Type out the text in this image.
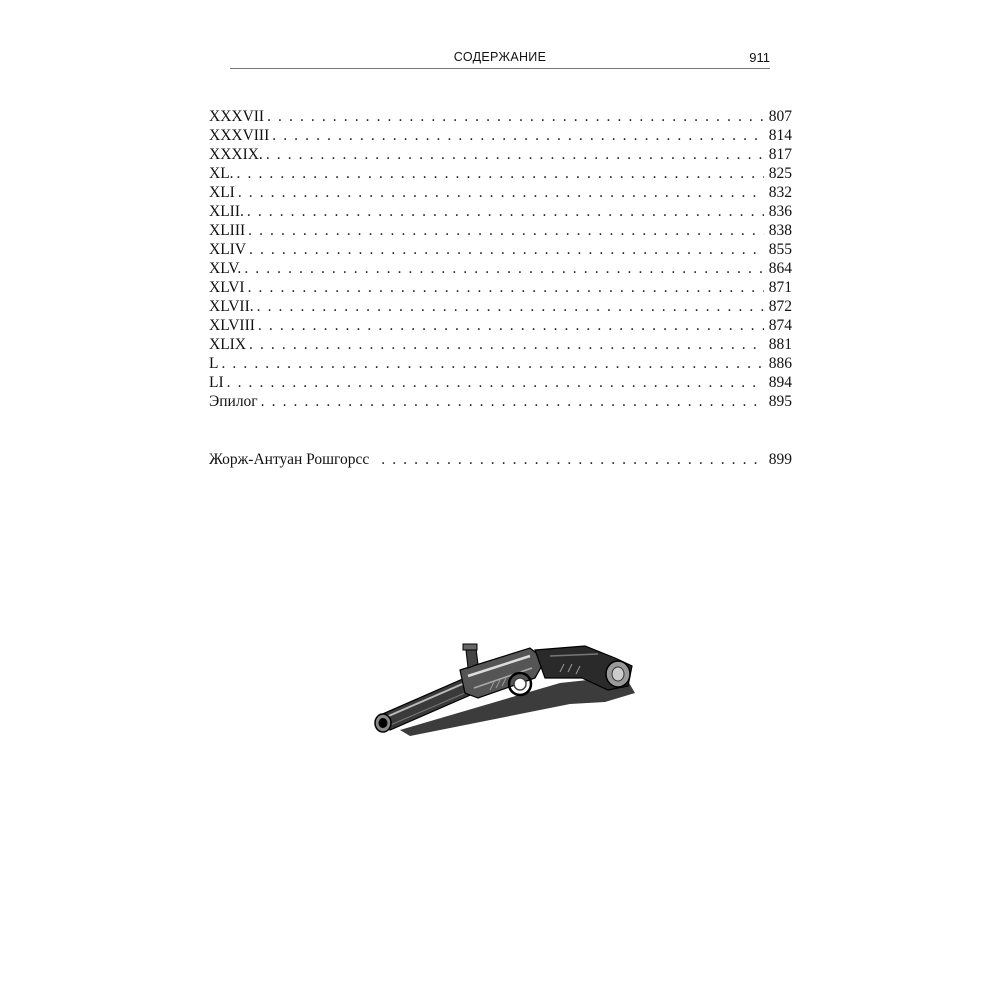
СОДЕРЖАНИЕ	911
XXXVII . . .	807
XXXVIII . . .	814
XXXIX. . . .	817
XL. . . .	825
XLI . . .	832
XLII. . . .	836
XLIII . . .	838
XLIV . . .	855
XLV. . . .	864
XLVI . . .	871
XLVII. . . .	872
XLVIII . . .	874
XLIX . . .	881
L . . .	886
LI . . .	894
Эпилог . . .	895
Жорж-Антуан Рошгорсс . . .	899
